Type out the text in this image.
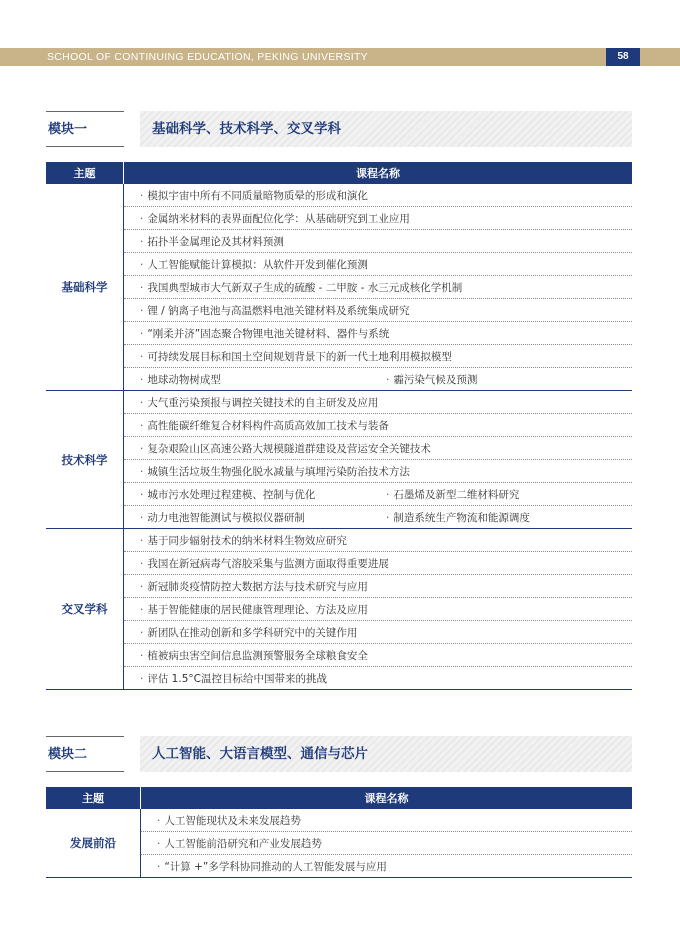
SCHOOL OF CONTINUING EDUCATION, PEKING UNIVERSITY	58
模块一	基础科学、技术科学、交叉学科
主题	课程名称
基础科学	· 模拟宇宙中所有不同质量暗物质晕的形成和演化

	· 金属纳米材料的表界面配位化学：从基础研究到工业应用

	· 拓扑半金属理论及其材料预测

	· 人工智能赋能计算模拟：从软件开发到催化预测

	· 我国典型城市大气新双子生成的硫酸 - 二甲胺 - 水三元成核化学机制

	· 锂 / 钠离子电池与高温燃料电池关键材料及系统集成研究

	· “刚柔并济”固态聚合物锂电池关键材料、器件与系统

	· 可持续发展目标和国土空间规划背景下的新一代土地利用模拟模型

	· 地球动物树成型 · 霾污染气候及预测

技术科学	· 大气重污染预报与调控关键技术的自主研发及应用

	· 高性能碳纤维复合材料构件高质高效加工技术与装备

	· 复杂艰险山区高速公路大规模隧道群建设及营运安全关键技术

	· 城镇生活垃圾生物强化脱水减量与填埋污染防治技术方法

	· 城市污水处理过程建模、控制与优化 · 石墨烯及新型二维材料研究

	· 动力电池智能测试与模拟仪器研制 · 制造系统生产物流和能源调度

交叉学科	· 基于同步辐射技术的纳米材料生物效应研究

	· 我国在新冠病毒气溶胶采集与监测方面取得重要进展

	· 新冠肺炎疫情防控大数据方法与技术研究与应用

	· 基于智能健康的居民健康管理理论、方法及应用

	· 新团队在推动创新和多学科研究中的关键作用

	· 植被病虫害空间信息监测预警服务全球粮食安全

	· 评估 1.5°C温控目标给中国带来的挑战
模块二	人工智能、大语言模型、通信与芯片
主题	课程名称
发展前沿	· 人工智能现状及未来发展趋势

	· 人工智能前沿研究和产业发展趋势

	· “计算 +”多学科协同推动的人工智能发展与应用
